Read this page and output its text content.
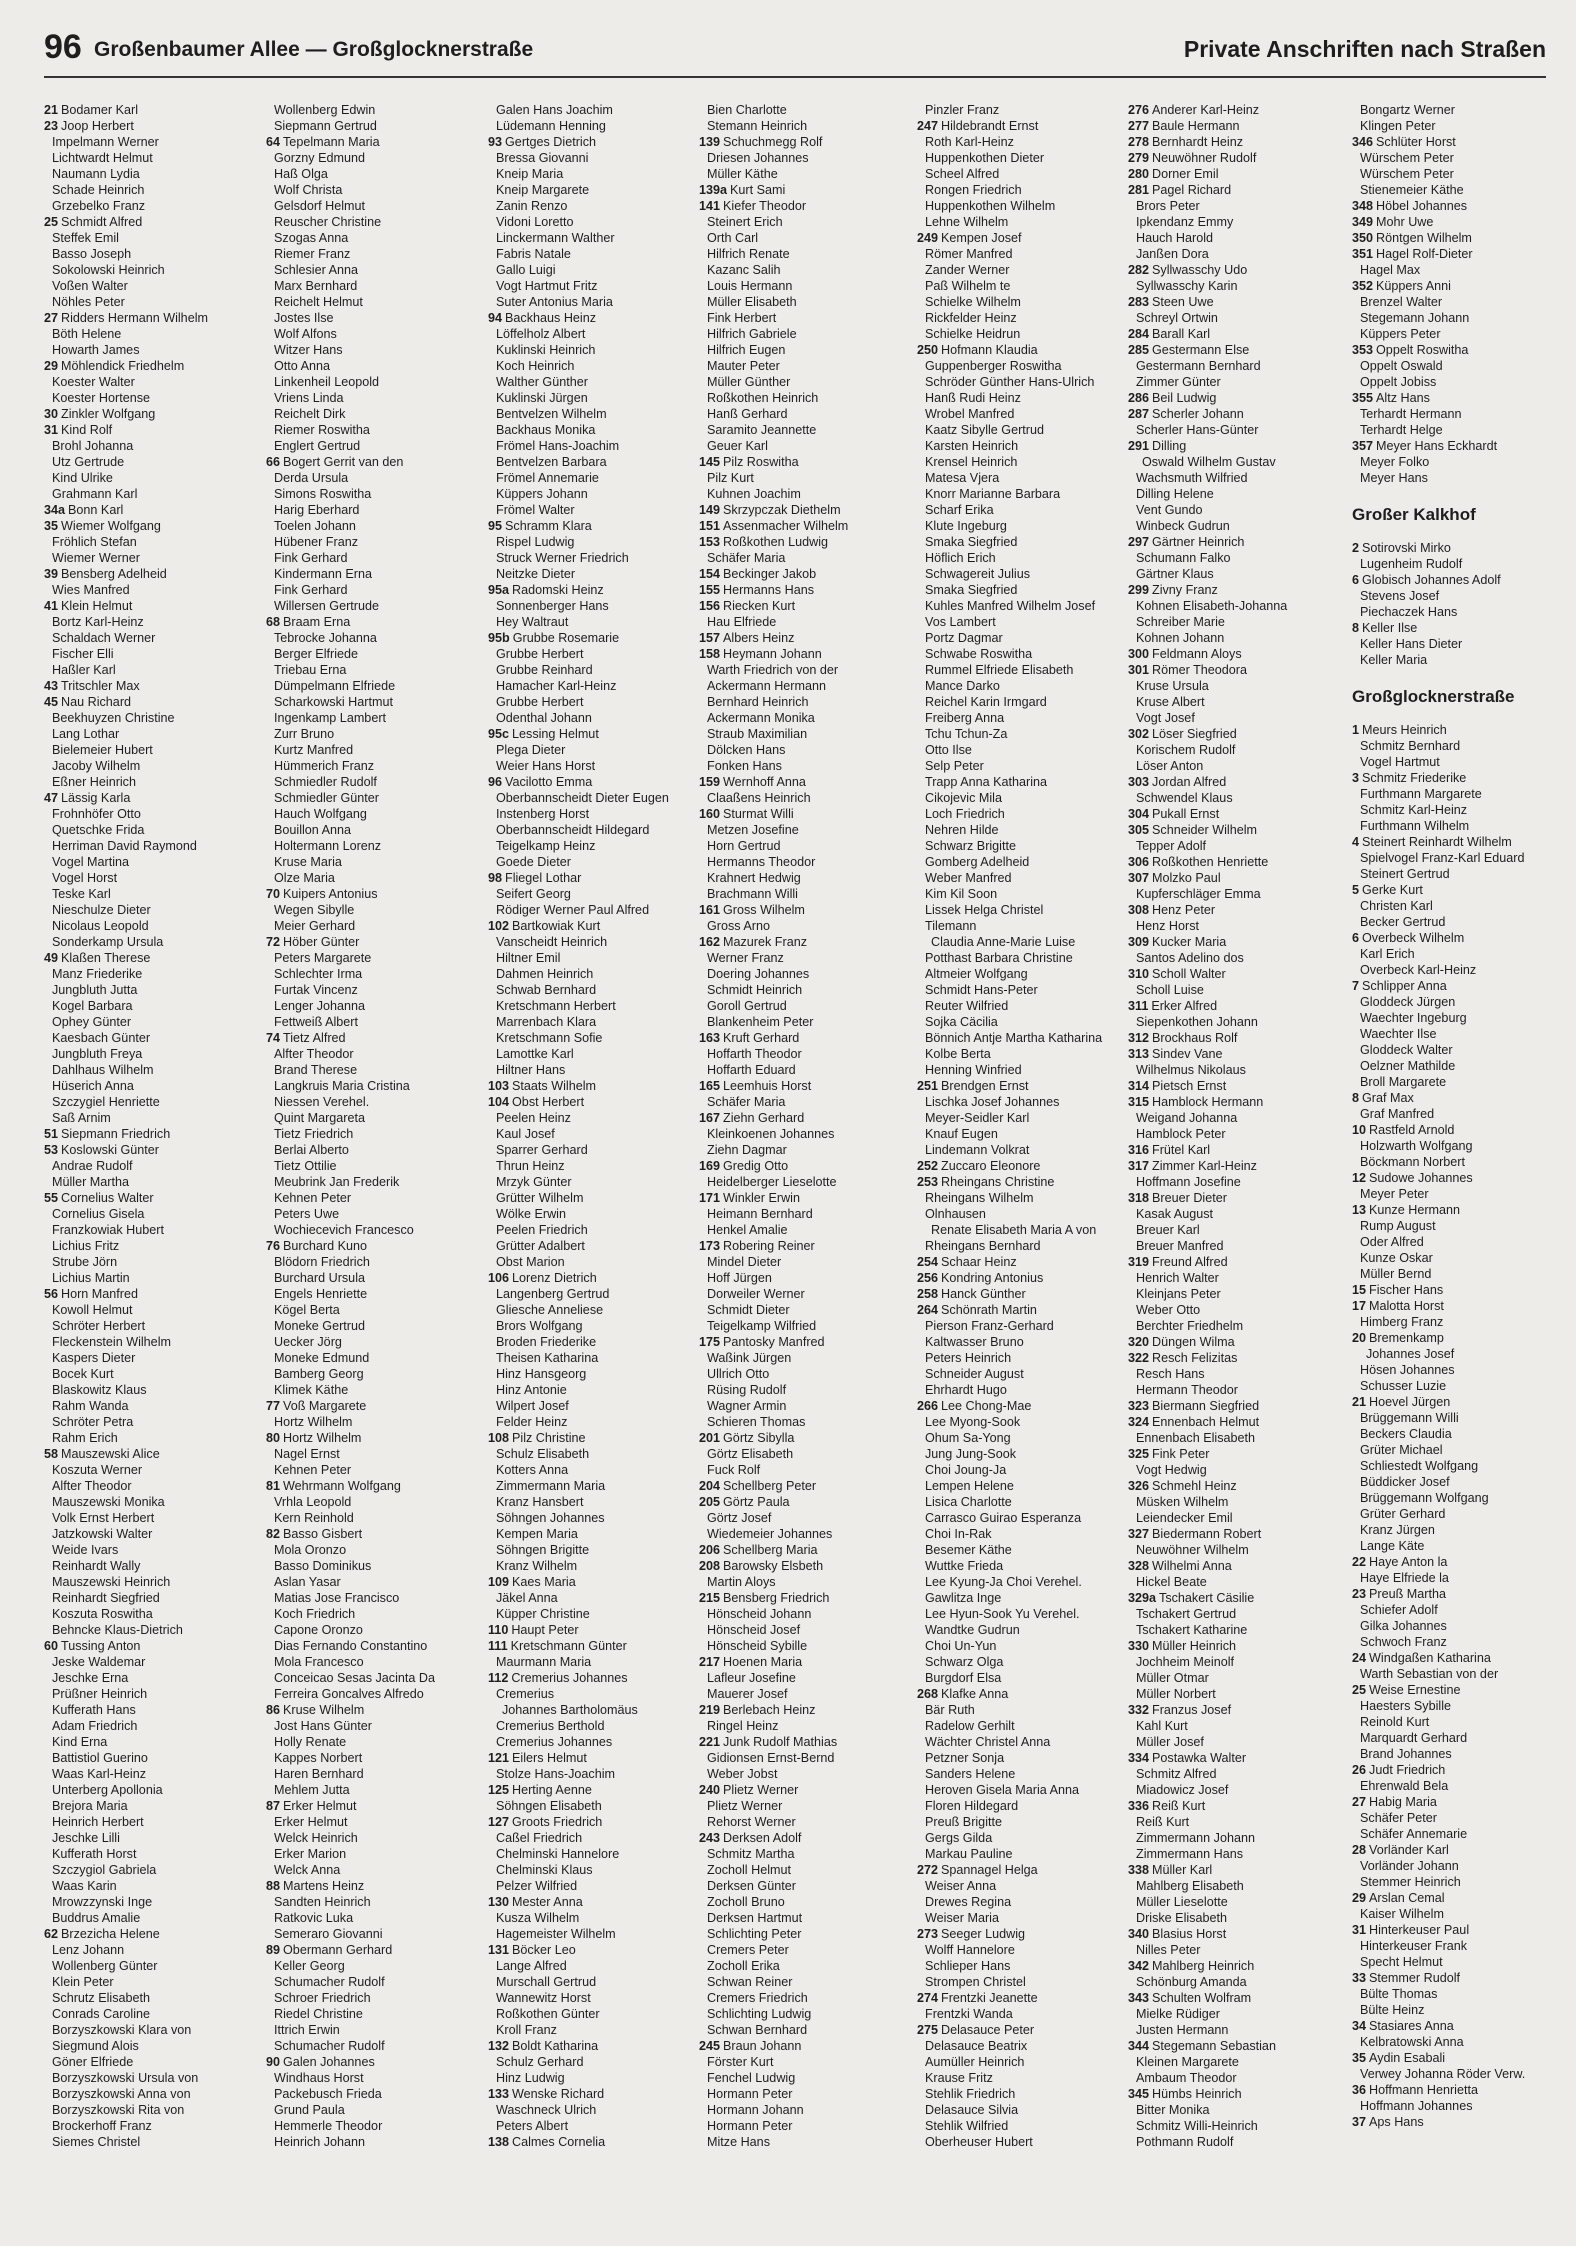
96 Großenbaumer Allee — Großglocknerstraße	Private Anschriften nach Straßen
21 Bodamer Karl
23 Joop Herbert
Impelmann Werner
Lichtwardt Helmut
Naumann Lydia
Schade Heinrich
Grzebelko Franz
25 Schmidt Alfred
Steffek Emil
Basso Joseph
Sokolowski Heinrich
Voßen Walter
Nöhles Peter
27 Ridders Hermann Wilhelm
Böth Helene
Howarth James
29 Möhlendick Friedhelm
Koester Walter
Koester Hortense
30 Zinkler Wolfgang
31 Kind Rolf
Brohl Johanna
Utz Gertrude
Kind Ulrike
Grahmann Karl
34a Bonn Karl
35 Wiemer Wolfgang
Fröhlich Stefan
Wiemer Werner
39 Bensberg Adelheid
Wies Manfred
41 Klein Helmut
Bortz Karl-Heinz
Schaldach Werner
Fischer Elli
Haßler Karl
43 Tritschler Max
45 Nau Richard
Beekhuyzen Christine
Lang Lothar
Bielemeier Hubert
Jacoby Wilhelm
Eßner Heinrich
47 Lässig Karla
Frohnhöfer Otto
Quetschke Frida
Herriman David Raymond
Vogel Martina
Vogel Horst
Teske Karl
Nieschulze Dieter
Nicolaus Leopold
Sonderkamp Ursula
49 Klaßen Therese
Manz Friederike
Jungbluth Jutta
Kogel Barbara
Ophey Günter
Kaesbach Günter
Jungbluth Freya
Dahlhaus Wilhelm
Hüserich Anna
Szczygiel Henriette
Saß Arnim
51 Siepmann Friedrich
53 Koslowski Günter
Andrae Rudolf
Müller Martha
55 Cornelius Walter
Cornelius Gisela
Franzkowiak Hubert
Lichius Fritz
Strube Jörn
Lichius Martin
56 Horn Manfred
Kowoll Helmut
Schröter Herbert
Fleckenstein Wilhelm
Kaspers Dieter
Bocek Kurt
Blaskowitz Klaus
Rahm Wanda
Schröter Petra
Rahm Erich
58 Mauszewski Alice
Koszuta Werner
Alfter Theodor
Mauszewski Monika
Volk Ernst Herbert
Jatzkowski Walter
Weide Ivars
Reinhardt Wally
Mauszewski Heinrich
Reinhardt Siegfried
Koszuta Roswitha
Behncke Klaus-Dietrich
60 Tussing Anton
Jeske Waldemar
Jeschke Erna
Prüßner Heinrich
Kufferath Hans
Adam Friedrich
Kind Erna
Battistiol Guerino
Waas Karl-Heinz
Unterberg Apollonia
Brejora Maria
Heinrich Herbert
Jeschke Lilli
Kufferath Horst
Szczygiol Gabriela
Waas Karin
Mrowzzynski Inge
Buddrus Amalie
62 Brzezicha Helene
Lenz Johann
Wollenberg Günter
Klein Peter
Schrutz Elisabeth
Conrads Caroline
Borzyszkowski Klara von
Siegmund Alois
Göner Elfriede
Borzyszkowski Ursula von
Borzyszkowski Anna von
Borzyszkowski Rita von
Brockerhoff Franz
Siemes Christel
Wollenberg Edwin
Siepmann Gertrud
64 Tepelmann Maria
Gorzny Edmund
Haß Olga
Wolf Christa
Gelsdorf Helmut
Reuscher Christine
Szogas Anna
Riemer Franz
Schlesier Anna
Marx Bernhard
Reichelt Helmut
Jostes Ilse
Wolf Alfons
Witzer Hans
Otto Anna
Linkenheil Leopold
Vriens Linda
Reichelt Dirk
Riemer Roswitha
Englert Gertrud
66 Bogert Gerrit van den
Derda Ursula
Simons Roswitha
Harig Eberhard
Toelen Johann
Hübener Franz
Fink Gerhard
Kindermann Erna
Fink Gerhard
Willersen Gertrude
68 Braam Erna
Tebrocke Johanna
Berger Elfriede
Triebau Erna
Dümpelmann Elfriede
Scharkowski Hartmut
Ingenkamp Lambert
Zurr Bruno
Kurtz Manfred
Hümmerich Franz
Schmiedler Rudolf
Schmiedler Günter
Hauch Wolfgang
Bouillon Anna
Holtermann Lorenz
Kruse Maria
Olze Maria
70 Kuipers Antonius
Wegen Sibylle
Meier Gerhard
72 Höber Günter
Peters Margarete
Schlechter Irma
Furtak Vincenz
Lenger Johanna
Fettweiß Albert
74 Tietz Alfred
Alfter Theodor
Brand Therese
Langkruis Maria Cristina
Niessen Verehel.
Quint Margareta
Tietz Friedrich
Berlai Alberto
Tietz Ottilie
Meubrink Jan Frederik
Kehnen Peter
Peters Uwe
Wochiecevich Francesco
76 Burchard Kuno
Blödorn Friedrich
Burchard Ursula
Engels Henriette
Kögel Berta
Moneke Gertrud
Uecker Jörg
Moneke Edmund
Bamberg Georg
Klimek Käthe
77 Voß Margarete
Hortz Wilhelm
80 Hortz Wilhelm
Nagel Ernst
Kehnen Peter
81 Wehrmann Wolfgang
Vrhla Leopold
Kern Reinhold
82 Basso Gisbert
Mola Oronzo
Basso Dominikus
Aslan Yasar
Matias Jose Francisco
Koch Friedrich
Capone Oronzo
Dias Fernando Constantino
Mola Francesco
Conceicao Sesas Jacinta Da
Ferreira Goncalves Alfredo
86 Kruse Wilhelm
Jost Hans Günter
Holly Renate
Kappes Norbert
Haren Bernhard
Mehlem Jutta
87 Erker Helmut
Erker Helmut
Welck Heinrich
Erker Marion
Welck Anna
88 Martens Heinz
Sandten Heinrich
Ratkovic Luka
Semeraro Giovanni
89 Obermann Gerhard
Keller Georg
Schumacher Rudolf
Schroer Friedrich
Riedel Christine
Ittrich Erwin
Schumacher Rudolf
90 Galen Johannes
Windhaus Horst
Packebusch Frieda
Grund Paula
Hemmerle Theodor
Heinrich Johann
Galen Hans Joachim
Lüdemann Henning
93 Gertges Dietrich
Bressa Giovanni
Kneip Maria
Kneip Margarete
Zanin Renzo
Vidoni Loretto
Linckermann Walther
Fabris Natale
Gallo Luigi
Vogt Hartmut Fritz
Suter Antonius Maria
94 Backhaus Heinz
Löffelholz Albert
Kuklinski Heinrich
Koch Heinrich
Walther Günther
Kuklinski Jürgen
Bentvelzen Wilhelm
Backhaus Monika
Frömel Hans-Joachim
Bentvelzen Barbara
Frömel Annemarie
Küppers Johann
Frömel Walter
95 Schramm Klara
Rispel Ludwig
Struck Werner Friedrich
Neitzke Dieter
95a Radomski Heinz
Sonnenberger Hans
Hey Waltraut
95b Grubbe Rosemarie
Grubbe Herbert
Grubbe Reinhard
Hamacher Karl-Heinz
Grubbe Herbert
Odenthal Johann
95c Lessing Helmut
Plega Dieter
Weier Hans Horst
96 Vacilotto Emma
Oberbannscheidt Dieter Eugen
Instenberg Horst
Oberbannscheidt Hildegard
Teigelkamp Heinz
Goede Dieter
98 Fliegel Lothar
Seifert Georg
Rödiger Werner Paul Alfred
102 Bartkowiak Kurt
Vanscheidt Heinrich
Hiltner Emil
Dahmen Heinrich
Schwab Bernhard
Kretschmann Herbert
Marrenbach Klara
Kretschmann Sofie
Lamottke Karl
Hiltner Hans
103 Staats Wilhelm
104 Obst Herbert
Peelen Heinz
Kaul Josef
Sparrer Gerhard
Thrun Heinz
Mrzyk Günter
Grütter Wilhelm
Wölke Erwin
Peelen Friedrich
Grütter Adalbert
Obst Marion
106 Lorenz Dietrich
Langenberg Gertrud
Gliesche Anneliese
Brors Wolfgang
Broden Friederike
Theisen Katharina
Hinz Hansgeorg
Hinz Antonie
Wilpert Josef
Felder Heinz
108 Pilz Christine
Schulz Elisabeth
Kotters Anna
Zimmermann Maria
Kranz Hansbert
Söhngen Johannes
Kempen Maria
Söhngen Brigitte
Kranz Wilhelm
109 Kaes Maria
Jäkel Anna
Küpper Christine
110 Haupt Peter
111 Kretschmann Günter
Maurmann Maria
112 Cremerius Johannes
Cremerius
Johannes Bartholomäus
Cremerius Berthold
Cremerius Johannes
121 Eilers Helmut
Stolze Hans-Joachim
125 Herting Aenne
Söhngen Elisabeth
127 Groots Friedrich
Caßel Friedrich
Chelminski Hannelore
Chelminski Klaus
Pelzer Wilfried
130 Mester Anna
Kusza Wilhelm
Hagemeister Wilhelm
131 Böcker Leo
Lange Alfred
Murschall Gertrud
Wannewitz Horst
Roßkothen Günter
Kroll Franz
132 Boldt Katharina
Schulz Gerhard
Hinz Ludwig
133 Wenske Richard
Waschneck Ulrich
Peters Albert
138 Calmes Cornelia
Bien Charlotte
Stemann Heinrich
139 Schuchmegg Rolf
Driesen Johannes
Müller Käthe
139a Kurt Sami
141 Kiefer Theodor
Steinert Erich
Orth Carl
Hilfrich Renate
Kazanc Salih
Louis Hermann
Müller Elisabeth
Fink Herbert
Hilfrich Gabriele
Hilfrich Eugen
Mauter Peter
Müller Günther
Roßkothen Heinrich
Hanß Gerhard
Saramito Jeannette
Geuer Karl
145 Pilz Roswitha
Pilz Kurt
Kuhnen Joachim
149 Skrzypczak Diethelm
151 Assenmacher Wilhelm
153 Roßkothen Ludwig
Schäfer Maria
154 Beckinger Jakob
155 Hermanns Hans
156 Riecken Kurt
Hau Elfriede
157 Albers Heinz
158 Heymann Johann
Warth Friedrich von der
Ackermann Hermann
Bernhard Heinrich
Ackermann Monika
Straub Maximilian
Dölcken Hans
Fonken Hans
159 Wernhoff Anna
Claaßens Heinrich
160 Sturmat Willi
Metzen Josefine
Horn Gertrud
Hermanns Theodor
Krahnert Hedwig
Brachmann Willi
161 Gross Wilhelm
Gross Arno
162 Mazurek Franz
Werner Franz
Doering Johannes
Schmidt Heinrich
Goroll Gertrud
Blankenheim Peter
163 Kruft Gerhard
Hoffarth Theodor
Hoffarth Eduard
165 Leemhuis Horst
Schäfer Maria
167 Ziehn Gerhard
Kleinkoenen Johannes
Ziehn Dagmar
169 Gredig Otto
Heidelberger Lieselotte
171 Winkler Erwin
Heimann Bernhard
Henkel Amalie
173 Robering Reiner
Mindel Dieter
Hoff Jürgen
Dorweiler Werner
Schmidt Dieter
Teigelkamp Wilfried
175 Pantosky Manfred
Waßink Jürgen
Ullrich Otto
Rüsing Rudolf
Wagner Armin
Schieren Thomas
201 Görtz Sibylla
Görtz Elisabeth
Fuck Rolf
204 Schellberg Peter
205 Görtz Paula
Görtz Josef
Wiedemeier Johannes
206 Schellberg Maria
208 Barowsky Elsbeth
Martin Aloys
215 Bensberg Friedrich
Hönscheid Johann
Hönscheid Josef
Hönscheid Sybille
217 Hoenen Maria
Lafleur Josefine
Mauerer Josef
219 Berlebach Heinz
Ringel Heinz
221 Junk Rudolf Mathias
Gidionsen Ernst-Bernd
Weber Jobst
240 Plietz Werner
Plietz Werner
Rehorst Werner
243 Derksen Adolf
Schmitz Martha
Zocholl Helmut
Derksen Günter
Zocholl Bruno
Derksen Hartmut
Schlichting Peter
Cremers Peter
Zocholl Erika
Schwan Reiner
Cremers Friedrich
Schlichting Ludwig
Schwan Bernhard
245 Braun Johann
Förster Kurt
Fenchel Ludwig
Hormann Peter
Hormann Johann
Hormann Peter
Mitze Hans
Pinzler Franz
247 Hildebrandt Ernst
Roth Karl-Heinz
Huppenkothen Dieter
Scheel Alfred
Rongen Friedrich
Huppenkothen Wilhelm
Lehne Wilhelm
249 Kempen Josef
Römer Manfred
Zander Werner
Paß Wilhelm te
Schielke Wilhelm
Rickfelder Heinz
Schielke Heidrun
250 Hofmann Klaudia
Guppenberger Roswitha
Schröder Günther Hans-Ulrich
Hanß Rudi Heinz
Wrobel Manfred
Kaatz Sibylle Gertrud
Karsten Heinrich
Krensel Heinrich
Matesa Vjera
Knorr Marianne Barbara
Scharf Erika
Klute Ingeburg
Smaka Siegfried
Höflich Erich
Schwagereit Julius
Smaka Siegfried
Kuhles Manfred Wilhelm Josef
Vos Lambert
Portz Dagmar
Schwabe Roswitha
Rummel Elfriede Elisabeth
Mance Darko
Reichel Karin Irmgard
Freiberg Anna
Tchu Tchun-Za
Otto Ilse
Selp Peter
Trapp Anna Katharina
Cikojevic Mila
Loch Friedrich
Nehren Hilde
Schwarz Brigitte
Gomberg Adelheid
Weber Manfred
Kim Kil Soon
Lissek Helga Christel
Tilemann
Claudia Anne-Marie Luise
Potthast Barbara Christine
Altmeier Wolfgang
Schmidt Hans-Peter
Reuter Wilfried
Sojka Cäcilia
Bönnich Antje Martha Katharina
Kolbe Berta
Henning Winfried
251 Brendgen Ernst
Lischka Josef Johannes
Meyer-Seidler Karl
Knauf Eugen
Lindemann Volkrat
252 Zuccaro Eleonore
253 Rheingans Christine
Rheingans Wilhelm
Olnhausen
Renate Elisabeth Maria A von
Rheingans Bernhard
254 Schaar Heinz
256 Kondring Antonius
258 Hanck Günther
264 Schönrath Martin
Pierson Franz-Gerhard
Kaltwasser Bruno
Peters Heinrich
Schneider August
Ehrhardt Hugo
266 Lee Chong-Mae
Lee Myong-Sook
Ohum Sa-Yong
Jung Jung-Sook
Choi Joung-Ja
Lempen Helene
Lisica Charlotte
Carrasco Guirao Esperanza
Choi In-Rak
Besemer Käthe
Wuttke Frieda
Lee Kyung-Ja Choi Verehel.
Gawlitza Inge
Lee Hyun-Sook Yu Verehel.
Wandtke Gudrun
Choi Un-Yun
Schwarz Olga
Burgdorf Elsa
268 Klafke Anna
Bär Ruth
Radelow Gerhilt
Wächter Christel Anna
Petzner Sonja
Sanders Helene
Heroven Gisela Maria Anna
Floren Hildegard
Preuß Brigitte
Gergs Gilda
Markau Pauline
272 Spannagel Helga
Weiser Anna
Drewes Regina
Weiser Maria
273 Seeger Ludwig
Wolff Hannelore
Schlieper Hans
Strompen Christel
274 Frentzki Jeanette
Frentzki Wanda
275 Delasauce Peter
Delasauce Beatrix
Aumüller Heinrich
Krause Fritz
Stehlik Friedrich
Delasauce Silvia
Stehlik Wilfried
Oberheuser Hubert
276 Anderer Karl-Heinz
277 Baule Hermann
278 Bernhardt Heinz
279 Neuwöhner Rudolf
280 Dorner Emil
281 Pagel Richard
Brors Peter
Ipkendanz Emmy
Hauch Harold
Janßen Dora
282 Syllwasschy Udo
Syllwasschy Karin
283 Steen Uwe
Schreyl Ortwin
284 Barall Karl
285 Gestermann Else
Gestermann Bernhard
Zimmer Günter
286 Beil Ludwig
287 Scherler Johann
Scherler Hans-Günter
291 Dilling
Oswald Wilhelm Gustav
Wachsmuth Wilfried
Dilling Helene
Vent Gundo
Winbeck Gudrun
297 Gärtner Heinrich
Schumann Falko
Gärtner Klaus
299 Zivny Franz
Kohnen Elisabeth-Johanna
Schreiber Marie
Kohnen Johann
300 Feldmann Aloys
301 Römer Theodora
Kruse Ursula
Kruse Albert
Vogt Josef
302 Löser Siegfried
Korischem Rudolf
Löser Anton
303 Jordan Alfred
Schwendel Klaus
304 Pukall Ernst
305 Schneider Wilhelm
Tepper Adolf
306 Roßkothen Henriette
307 Molzko Paul
Kupferschläger Emma
308 Henz Peter
Henz Horst
309 Kucker Maria
Santos Adelino dos
310 Scholl Walter
Scholl Luise
311 Erker Alfred
Siepenkothen Johann
312 Brockhaus Rolf
313 Sindev Vane
Wilhelmus Nikolaus
314 Pietsch Ernst
315 Hamblock Hermann
Weigand Johanna
Hamblock Peter
316 Frütel Karl
317 Zimmer Karl-Heinz
Hoffmann Josefine
318 Breuer Dieter
Kasak August
Breuer Karl
Breuer Manfred
319 Freund Alfred
Henrich Walter
Kleinjans Peter
Weber Otto
Berchter Friedhelm
320 Düngen Wilma
322 Resch Felizitas
Resch Hans
Hermann Theodor
323 Biermann Siegfried
324 Ennenbach Helmut
Ennenbach Elisabeth
325 Fink Peter
Vogt Hedwig
326 Schmehl Heinz
Müsken Wilhelm
Leiendecker Emil
327 Biedermann Robert
Neuwöhner Wilhelm
328 Wilhelmi Anna
Hickel Beate
329a Tschakert Cäsilie
Tschakert Gertrud
Tschakert Katharine
330 Müller Heinrich
Jochheim Meinolf
Müller Otmar
Müller Norbert
332 Franzus Josef
Kahl Kurt
Müller Josef
334 Postawka Walter
Schmitz Alfred
Miadowicz Josef
336 Reiß Kurt
Reiß Kurt
Zimmermann Johann
Zimmermann Hans
338 Müller Karl
Mahlberg Elisabeth
Müller Lieselotte
Driske Elisabeth
340 Blasius Horst
Nilles Peter
342 Mahlberg Heinrich
Schönburg Amanda
343 Schulten Wolfram
Mielke Rüdiger
Justen Hermann
344 Stegemann Sebastian
Kleinen Margarete
Ambaum Theodor
345 Hümbs Heinrich
Bitter Monika
Schmitz Willi-Heinrich
Pothmann Rudolf
Bongartz Werner
Klingen Peter
346 Schlüter Horst
Würschem Peter
Würschem Peter
Stienemeier Käthe
348 Höbel Johannes
349 Mohr Uwe
350 Röntgen Wilhelm
351 Hagel Rolf-Dieter
Hagel Max
352 Küppers Anni
Brenzel Walter
Stegemann Johann
Küppers Peter
353 Oppelt Roswitha
Oppelt Oswald
Oppelt Jobiss
355 Altz Hans
Terhardt Hermann
Terhardt Helge
357 Meyer Hans Eckhardt
Meyer Folko
Meyer Hans
Großer Kalkhof
2 Sotirovski Mirko
Lugenheim Rudolf
6 Globisch Johannes Adolf
Stevens Josef
Piechaczek Hans
8 Keller Ilse
Keller Hans Dieter
Keller Maria
Großglocknerstraße
1 Meurs Heinrich
Schmitz Bernhard
Vogel Hartmut
3 Schmitz Friederike
Furthmann Margarete
Schmitz Karl-Heinz
Furthmann Wilhelm
4 Steinert Reinhardt Wilhelm
Spielvogel Franz-Karl Eduard
Steinert Gertrud
5 Gerke Kurt
Christen Karl
Becker Gertrud
6 Overbeck Wilhelm
Karl Erich
Overbeck Karl-Heinz
7 Schlipper Anna
Gloddeck Jürgen
Waechter Ingeburg
Waechter Ilse
Gloddeck Walter
Oelzner Mathilde
Broll Margarete
8 Graf Max
Graf Manfred
10 Rastfeld Arnold
Holzwarth Wolfgang
Böckmann Norbert
12 Sudowe Johannes
Meyer Peter
13 Kunze Hermann
Rump August
Oder Alfred
Kunze Oskar
Müller Bernd
15 Fischer Hans
17 Malotta Horst
Himberg Franz
20 Bremenkamp
Johannes Josef
Hösen Johannes
Schusser Luzie
21 Hoevel Jürgen
Brüggemann Willi
Beckers Claudia
Grüter Michael
Schliestedt Wolfgang
Büddicker Josef
Brüggemann Wolfgang
Grüter Gerhard
Kranz Jürgen
Lange Käte
22 Haye Anton la
Haye Elfriede la
23 Preuß Martha
Schiefer Adolf
Gilka Johannes
Schwoch Franz
24 Windgaßen Katharina
Warth Sebastian von der
25 Weise Ernestine
Haesters Sybille
Reinold Kurt
Marquardt Gerhard
Brand Johannes
26 Judt Friedrich
Ehrenwald Bela
27 Habig Maria
Schäfer Peter
Schäfer Annemarie
28 Vorländer Karl
Vorländer Johann
Stemmer Heinrich
29 Arslan Cemal
Kaiser Wilhelm
31 Hinterkeuser Paul
Hinterkeuser Frank
Specht Helmut
33 Stemmer Rudolf
Bülte Thomas
Bülte Heinz
34 Stasiares Anna
Kelbratowski Anna
35 Aydin Esabali
Verwey Johanna Röder Verw.
36 Hoffmann Henrietta
Hoffmann Johannes
37 Aps Hans
